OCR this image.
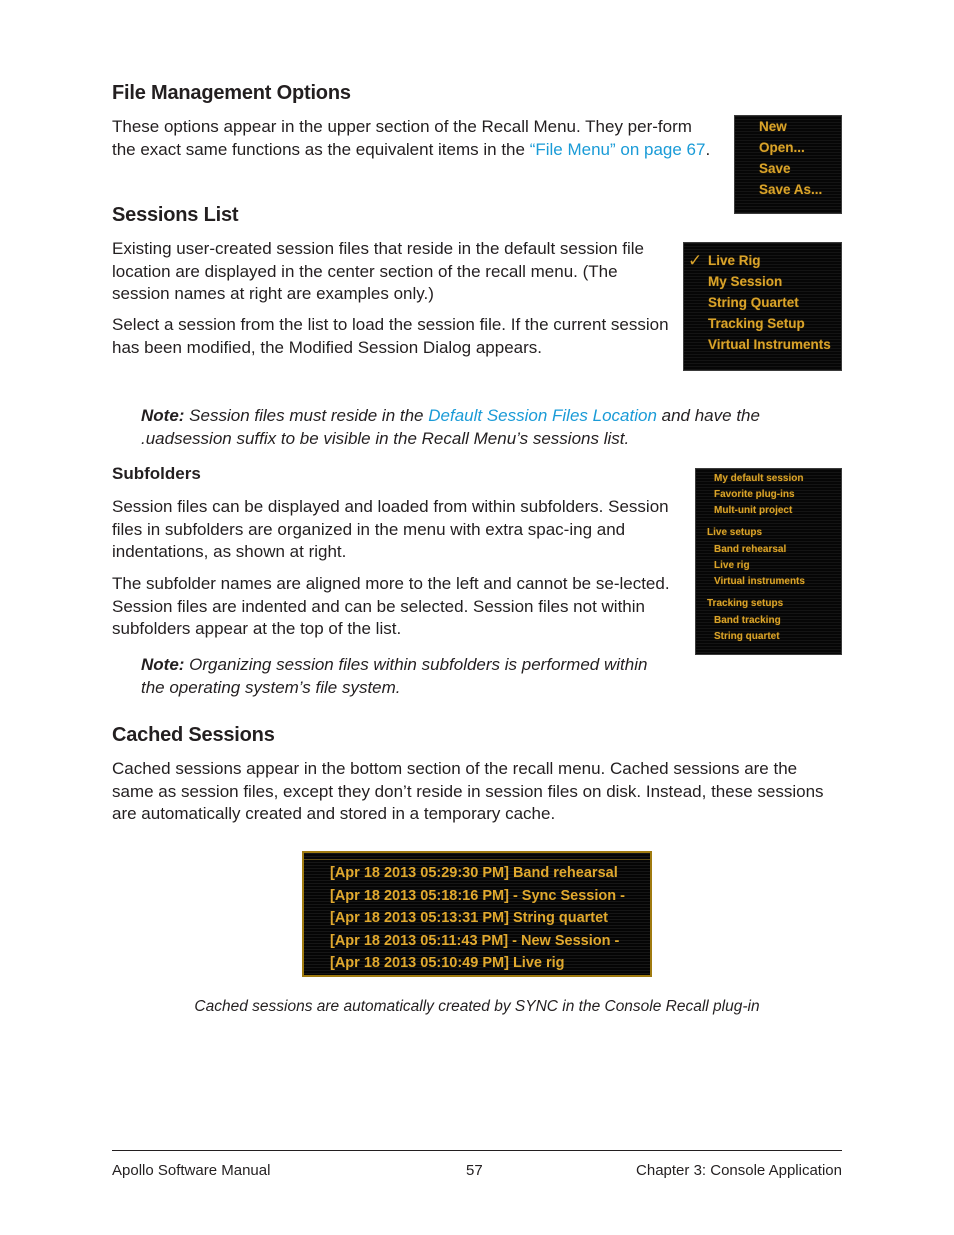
File Management Options

These options appear in the upper section of the Recall Menu. They per-form the exact same functions as the equivalent items in the “File Menu” on page 67.

New
Open...
Save
Save As...
Sessions List

Existing user-created session files that reside in the default session file location are displayed in the center section of the recall menu. (The session names at right are examples only.)

Select a session from the list to load the session file. If the current session has been modified, the Modified Session Dialog appears.

✓ Live Rig
My Session
String Quartet
Tracking Setup
Virtual Instruments

Note: Session files must reside in the Default Session Files Location and have the .uadsession suffix to be visible in the Recall Menu’s sessions list.

Subfolders

Session files can be displayed and loaded from within subfolders. Session files in subfolders are organized in the menu with extra spac-ing and indentations, as shown at right.

The subfolder names are aligned more to the left and cannot be se-lected. Session files are indented and can be selected. Session files not within subfolders appear at the top of the list.

Note: Organizing session files within subfolders is performed within the operating system’s file system.

My default session
Favorite plug-ins
Mult-unit project
Live setups
Band rehearsal
Live rig
Virtual instruments
Tracking setups
Band tracking
String quartet
Cached Sessions

Cached sessions appear in the bottom section of the recall menu. Cached sessions are the same as session files, except they don’t reside in session files on disk. Instead, these sessions are automatically created and stored in a temporary cache.

[Apr 18 2013 05:29:30 PM] Band rehearsal
[Apr 18 2013 05:18:16 PM] - Sync Session -
[Apr 18 2013 05:13:31 PM] String quartet
[Apr 18 2013 05:11:43 PM] - New Session -
[Apr 18 2013 05:10:49 PM] Live rig

Cached sessions are automatically created by SYNC in the Console Recall plug-in

Apollo Software Manual	57	Chapter 3: Console Application
